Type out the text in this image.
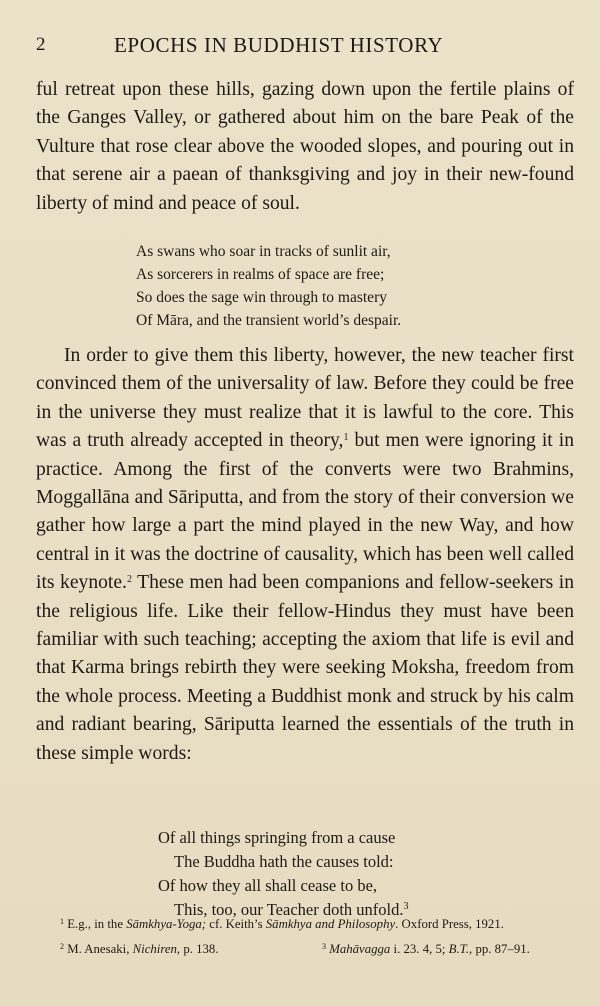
2	EPOCHS IN BUDDHIST HISTORY

ful retreat upon these hills, gazing down upon the fertile plains of the Ganges Valley, or gathered about him on the bare Peak of the Vulture that rose clear above the wooded slopes, and pouring out in that serene air a paean of thanksgiving and joy in their new-found liberty of mind and peace of soul.

As swans who soar in tracks of sunlit air,
As sorcerers in realms of space are free;
So does the sage win through to mastery
Of Māra, and the transient world’s despair.

In order to give them this liberty, however, the new teacher first convinced them of the universality of law. Before they could be free in the universe they must realize that it is lawful to the core. This was a truth already accepted in theory,$^1$ but men were ignoring it in practice. Among the first of the converts were two Brahmins, Moggallāna and Sāriputta, and from the story of their conversion we gather how large a part the mind played in the new Way, and how central in it was the doctrine of causality, which has been well called its keynote.$^2$ These men had been companions and fellow-seekers in the religious life. Like their fellow-Hindus they must have been familiar with such teaching; accepting the axiom that life is evil and that Karma brings rebirth they were seeking Moksha, freedom from the whole process. Meeting a Buddhist monk and struck by his calm and radiant bearing, Sāriputta learned the essentials of the truth in these simple words:

Of all things springing from a cause
The Buddha hath the causes told:
Of how they all shall cease to be,
This, too, our Teacher doth unfold.$^3$

$^1$ E.g., in the Sāmkhya-Yoga; cf. Keith’s Sāmkhya and Philosophy. Oxford Press, 1921.

$^2$ M. Anesaki, Nichiren, p. 138.	$^3$ Mahāvagga i. 23. 4, 5; B.T., pp. 87–91.
